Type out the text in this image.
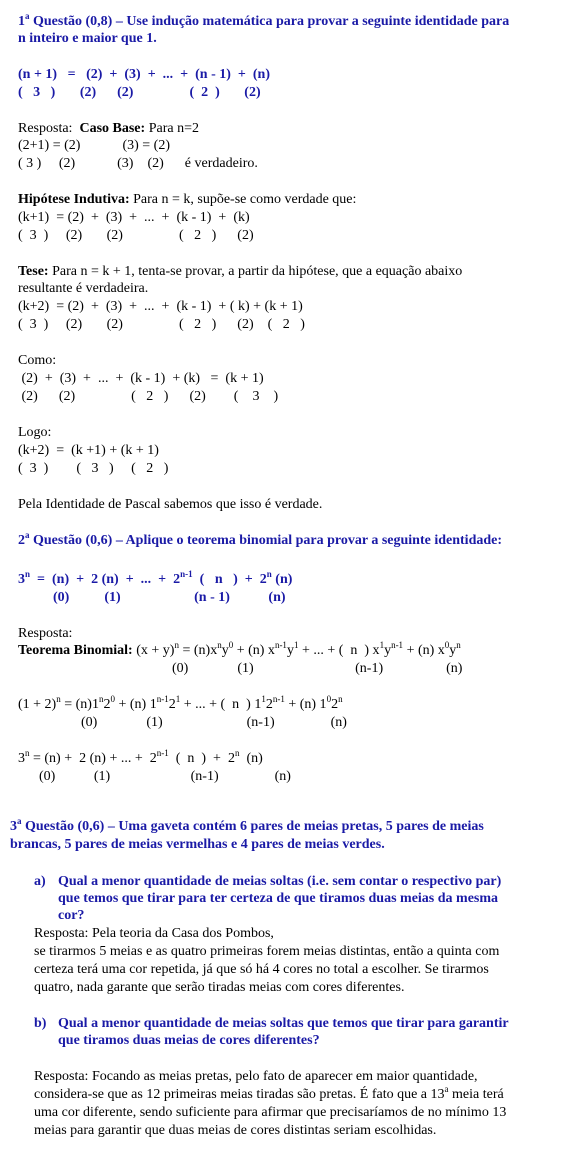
1$^a$ Questão (0,8) – Use indução matemática para provar a seguinte identidade para
n inteiro e maior que 1.
(n + 1)   =   (2)  +  (3)  +  ...  +  (n - 1)  +  (n)
(   3   )       (2)      (2)                (  2  )       (2)
Resposta:  Caso Base: Para n=2
(2+1) = (2)            (3) = (2)
( 3 )     (2)            (3)    (2)      é verdadeiro.
Hipótese Indutiva: Para n = k, supõe-se como verdade que:
(k+1)  = (2)  +  (3)  +  ...  +  (k - 1)  +  (k)
(  3  )     (2)       (2)                (   2   )      (2)
Tese: Para n = k + 1, tenta-se provar, a partir da hipótese, que a equação abaixo
resultante é verdadeira.
(k+2)  = (2)  +  (3)  +  ...  +  (k - 1)  + ( k) + (k + 1)
(  3  )     (2)       (2)                (   2   )      (2)    (   2   )
Como:
(2)  +  (3)  +  ...  +  (k - 1)  + (k)   =  (k + 1)
(2)      (2)                (   2   )      (2)        (    3    )
Logo:
(k+2)  =  (k +1) + (k + 1)
(  3  )        (   3   )     (   2   )
Pela Identidade de Pascal sabemos que isso é verdade.
2$^a$ Questão (0,6) – Aplique o teorema binomial para provar a seguinte identidade:
3$^n$  =  (n)  +  2 (n)  +  ...  +  2$^{n-1}$  (   n   )  +  2$^n$ (n)
(0)          (1)                     (n - 1)           (n)
Resposta:
Teorema Binomial: $(x + y)^n = (n)x^ny^0 + (n)$ $x^{n-1}y^1$ + ... + (  n  ) $x^1y^{n-1} + (n)$ $x^0y^n$
(0)              (1)                             (n-1)                  (n)
$(1 + 2)^n = (n)1^n2^0 + (n)$ $1^{n-1}2^1$ + ... + (  n  ) $1^12^{n-1} + (n)$ $1^02^n$
(0)              (1)                        (n-1)                (n)
$3^n = (n) + 2$ (n) + ... +  2$^{n-1}$  (  n  )  +  2$^n$  (n)
(0)           (1)                       (n-1)                (n)
3$^a$ Questão (0,6) – Uma gaveta contém 6 pares de meias pretas, 5 pares de meias
brancas, 5 pares de meias vermelhas e 4 pares de meias verdes.
a) Qual a menor quantidade de meias soltas (i.e. sem contar o respectivo par)
que temos que tirar para ter certeza de que tiramos duas meias da mesma
cor?
Resposta: Pela teoria da Casa dos Pombos,
se tirarmos 5 meias e as quatro primeiras forem meias distintas, então a quinta com
certeza terá uma cor repetida, já que só há 4 cores no total a escolher. Se tirarmos
quatro, nada garante que serão tiradas meias com cores diferentes.
b) Qual a menor quantidade de meias soltas que temos que tirar para garantir
que tiramos duas meias de cores diferentes?
Resposta: Focando as meias pretas, pelo fato de aparecer em maior quantidade,
considera-se que as 12 primeiras meias tiradas são pretas. É fato que a 13$^a$ meia terá
uma cor diferente, sendo suficiente para afirmar que precisaríamos de no mínimo 13
meias para garantir que duas meias de cores distintas seriam escolhidas.
